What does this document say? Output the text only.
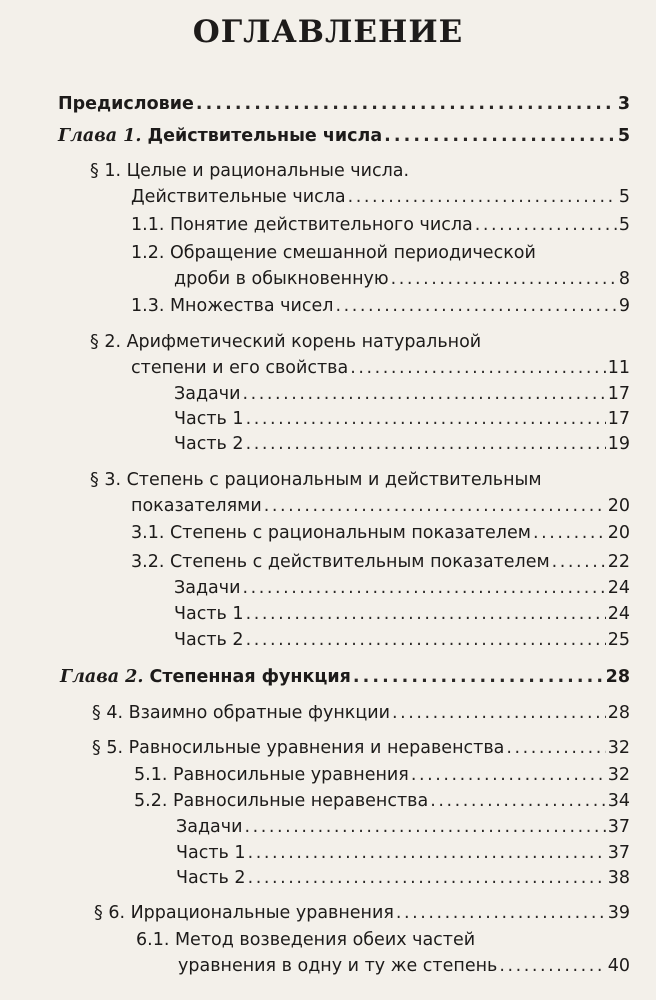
ОГЛАВЛЕНИЕ
Предисловие . . .	3
Глава 1. Действительные числа . . .	5
§ 1. Целые и рациональные числа.
Действительные числа . . .	5
1.1. Понятие действительного числа . . .	5
1.2. Обращение смешанной периодической
дроби в обыкновенную . . .	8
1.3. Множества чисел . . .	9
§ 2. Арифметический корень натуральной
степени и его свойства . . .	11
Задачи . . .	17
Часть 1 . . .	17
Часть 2 . . .	19
§ 3. Степень с рациональным и действительным
показателями . . .	20
3.1. Степень с рациональным показателем . . .	20
3.2. Степень с действительным показателем . . .	22
Задачи . . .	24
Часть 1 . . .	24
Часть 2 . . .	25
Глава 2. Степенная функция . . .	28
§ 4. Взаимно обратные функции . . .	28
§ 5. Равносильные уравнения и неравенства . . .	32
5.1. Равносильные уравнения . . .	32
5.2. Равносильные неравенства . . .	34
Задачи . . .	37
Часть 1 . . .	37
Часть 2 . . .	38
§ 6. Иррациональные уравнения . . .	39
6.1. Метод возведения обеих частей
уравнения в одну и ту же степень . . .	40
